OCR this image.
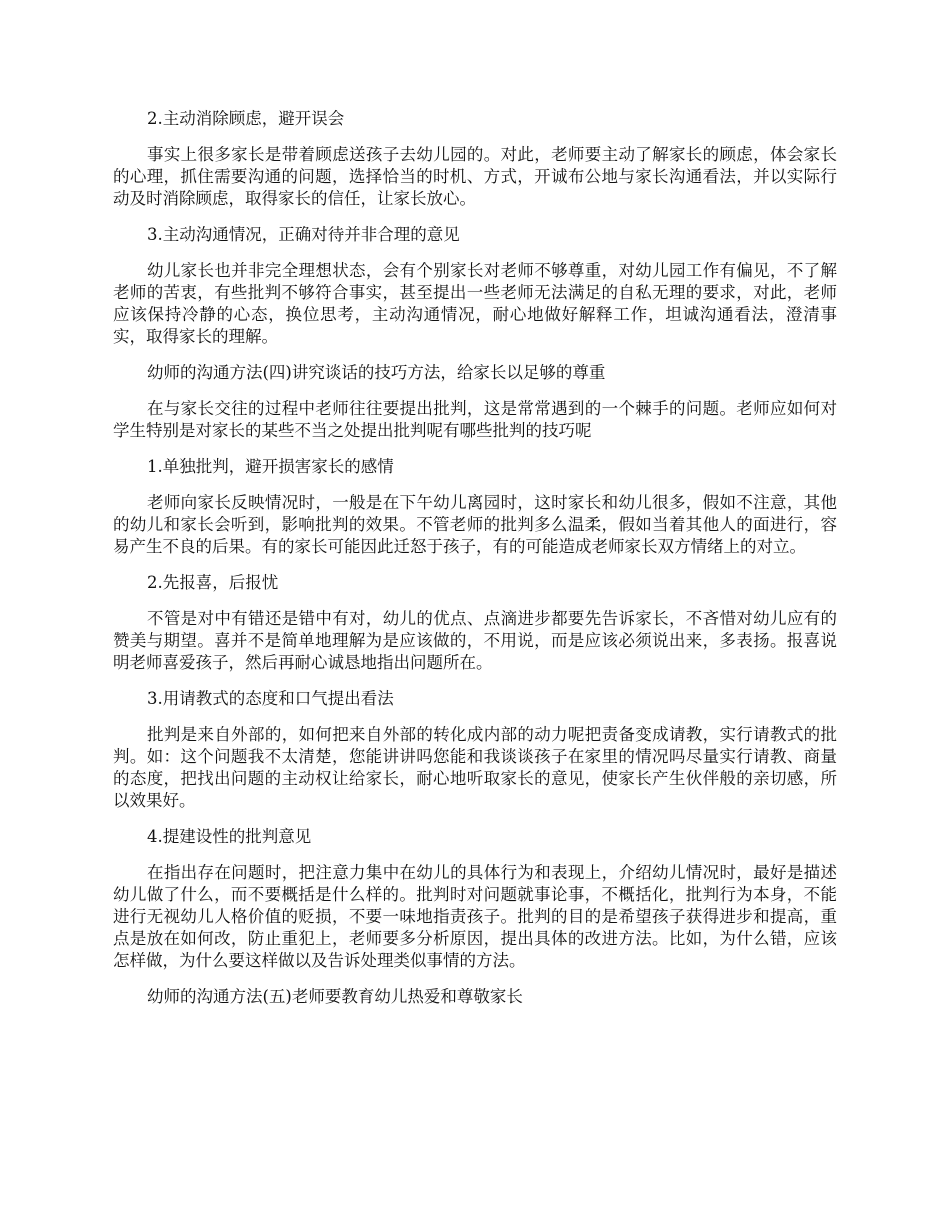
2.主动消除顾虑，避开误会

事实上很多家长是带着顾虑送孩子去幼儿园的。对此，老师要主动了解家长的顾虑，体会家长的心理，抓住需要沟通的问题，选择恰当的时机、方式，开诚布公地与家长沟通看法，并以实际行动及时消除顾虑，取得家长的信任，让家长放心。

3.主动沟通情况，正确对待并非合理的意见

幼儿家长也并非完全理想状态，会有个别家长对老师不够尊重，对幼儿园工作有偏见，不了解老师的苦衷，有些批判不够符合事实，甚至提出一些老师无法满足的自私无理的要求，对此，老师应该保持冷静的心态，换位思考，主动沟通情况，耐心地做好解释工作，坦诚沟通看法，澄清事实，取得家长的理解。

幼师的沟通方法(四)讲究谈话的技巧方法，给家长以足够的尊重

在与家长交往的过程中老师往往要提出批判，这是常常遇到的一个棘手的问题。老师应如何对学生特别是对家长的某些不当之处提出批判呢有哪些批判的技巧呢

1.单独批判，避开损害家长的感情

老师向家长反映情况时，一般是在下午幼儿离园时，这时家长和幼儿很多，假如不注意，其他的幼儿和家长会听到，影响批判的效果。不管老师的批判多么温柔，假如当着其他人的面进行，容易产生不良的后果。有的家长可能因此迁怒于孩子，有的可能造成老师家长双方情绪上的对立。

2.先报喜，后报忧

不管是对中有错还是错中有对，幼儿的优点、点滴进步都要先告诉家长，不吝惜对幼儿应有的赞美与期望。喜并不是简单地理解为是应该做的，不用说，而是应该必须说出来，多表扬。报喜说明老师喜爱孩子，然后再耐心诚恳地指出问题所在。

3.用请教式的态度和口气提出看法

批判是来自外部的，如何把来自外部的转化成内部的动力呢把责备变成请教，实行请教式的批判。如：这个问题我不太清楚，您能讲讲吗您能和我谈谈孩子在家里的情况吗尽量实行请教、商量的态度，把找出问题的主动权让给家长，耐心地听取家长的意见，使家长产生伙伴般的亲切感，所以效果好。

4.提建设性的批判意见

在指出存在问题时，把注意力集中在幼儿的具体行为和表现上，介绍幼儿情况时，最好是描述幼儿做了什么，而不要概括是什么样的。批判时对问题就事论事，不概括化，批判行为本身，不能进行无视幼儿人格价值的贬损，不要一味地指责孩子。批判的目的是希望孩子获得进步和提高，重点是放在如何改，防止重犯上，老师要多分析原因，提出具体的改进方法。比如，为什么错，应该怎样做，为什么要这样做以及告诉处理类似事情的方法。

幼师的沟通方法(五)老师要教育幼儿热爱和尊敬家长
